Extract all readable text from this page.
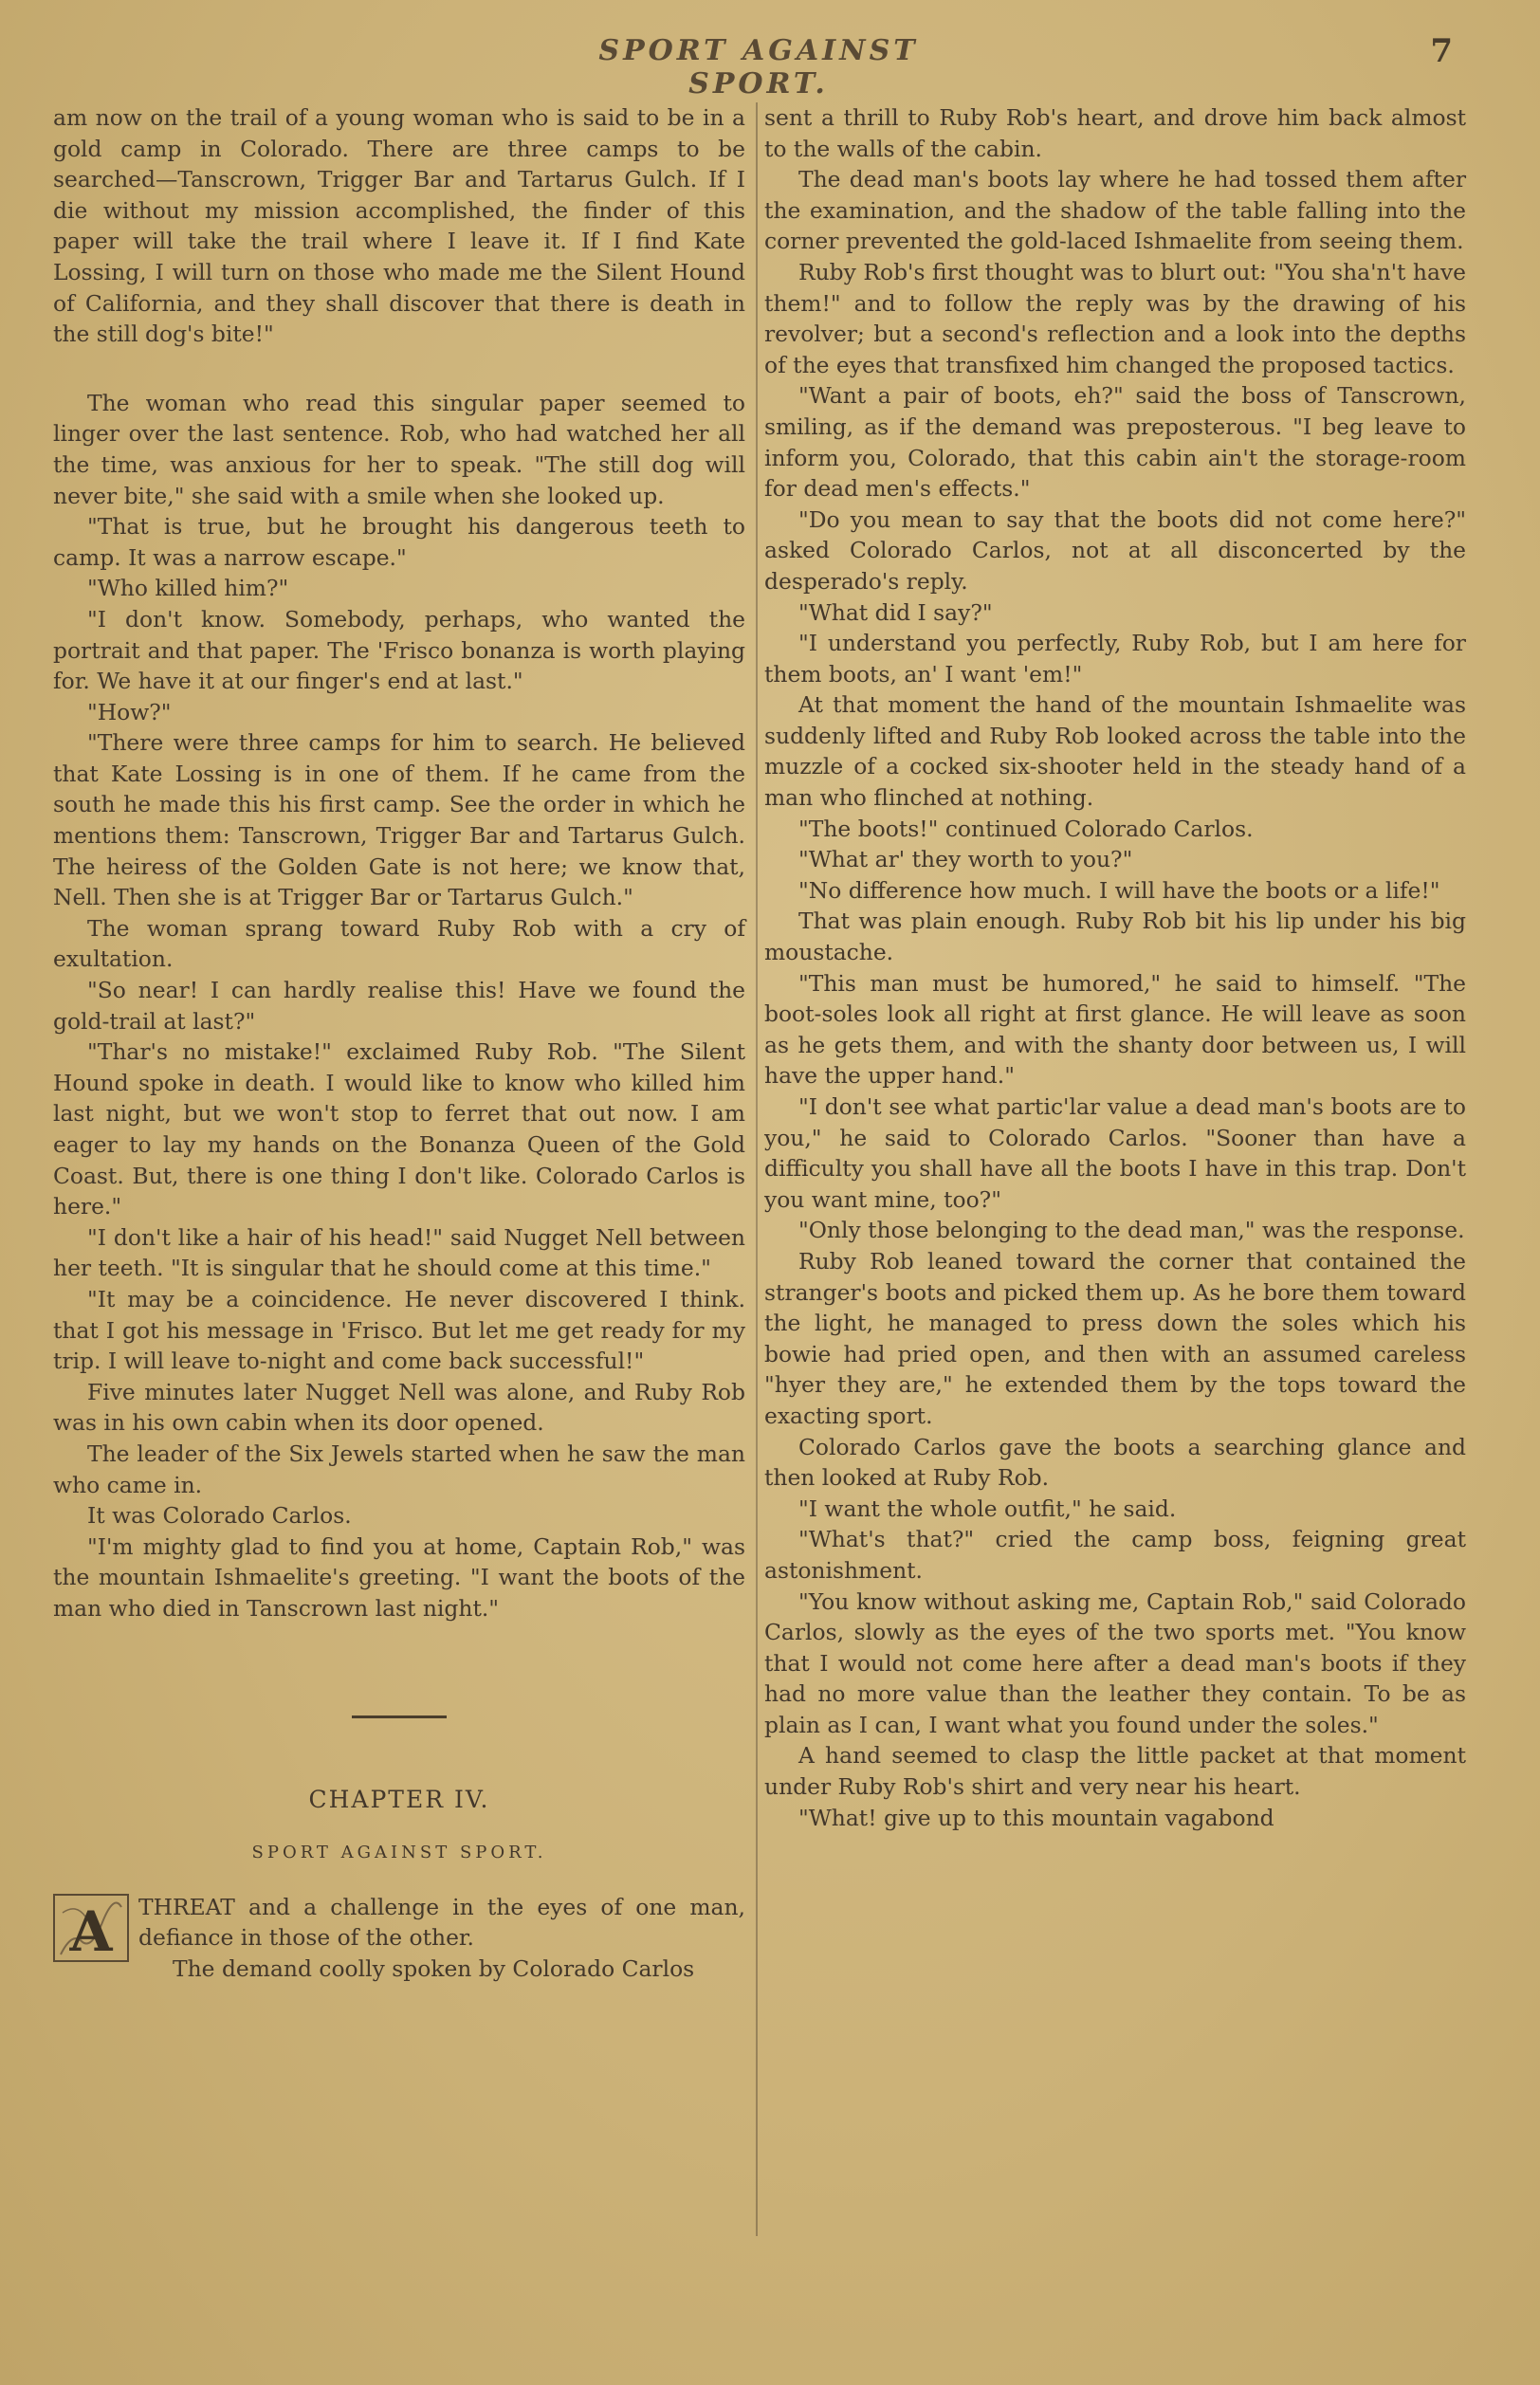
SPORT AGAINST SPORT.
7

am now on the trail of a young woman who is said to be in a gold camp in Colorado. There are three camps to be searched—Tanscrown, Trigger Bar and Tartarus Gulch. If I die without my mission accomplished, the finder of this paper will take the trail where I leave it. If I find Kate Lossing, I will turn on those who made me the Silent Hound of California, and they shall discover that there is death in the still dog's bite!"

The woman who read this singular paper seemed to linger over the last sentence. Rob, who had watched her all the time, was anxious for her to speak. "The still dog will never bite," she said with a smile when she looked up.

"That is true, but he brought his dangerous teeth to camp. It was a narrow escape."

"Who killed him?"

"I don't know. Somebody, perhaps, who wanted the portrait and that paper. The 'Frisco bonanza is worth playing for. We have it at our finger's end at last."

"How?"

"There were three camps for him to search. He believed that Kate Lossing is in one of them. If he came from the south he made this his first camp. See the order in which he mentions them: Tanscrown, Trigger Bar and Tartarus Gulch. The heiress of the Golden Gate is not here; we know that, Nell. Then she is at Trigger Bar or Tartarus Gulch."

The woman sprang toward Ruby Rob with a cry of exultation.

"So near! I can hardly realise this! Have we found the gold-trail at last?"

"Thar's no mistake!" exclaimed Ruby Rob. "The Silent Hound spoke in death. I would like to know who killed him last night, but we won't stop to ferret that out now. I am eager to lay my hands on the Bonanza Queen of the Gold Coast. But, there is one thing I don't like. Colorado Carlos is here."

"I don't like a hair of his head!" said Nugget Nell between her teeth. "It is singular that he should come at this time."

"It may be a coincidence. He never discovered I think. that I got his message in 'Frisco. But let me get ready for my trip. I will leave to-night and come back successful!"

Five minutes later Nugget Nell was alone, and Ruby Rob was in his own cabin when its door opened.

The leader of the Six Jewels started when he saw the man who came in.

It was Colorado Carlos.

"I'm mighty glad to find you at home, Captain Rob," was the mountain Ishmaelite's greeting. "I want the boots of the man who died in Tanscrown last night."

CHAPTER IV.
SPORT AGAINST SPORT.

A THREAT and a challenge in the eyes of one man, defiance in those of the other.

The demand coolly spoken by Colorado Carlos

sent a thrill to Ruby Rob's heart, and drove him back almost to the walls of the cabin.

The dead man's boots lay where he had tossed them after the examination, and the shadow of the table falling into the corner prevented the gold-laced Ishmaelite from seeing them.

Ruby Rob's first thought was to blurt out: "You sha'n't have them!" and to follow the reply was by the drawing of his revolver; but a second's reflection and a look into the depths of the eyes that transfixed him changed the proposed tactics.

"Want a pair of boots, eh?" said the boss of Tanscrown, smiling, as if the demand was preposterous. "I beg leave to inform you, Colorado, that this cabin ain't the storage-room for dead men's effects."

"Do you mean to say that the boots did not come here?" asked Colorado Carlos, not at all disconcerted by the desperado's reply.

"What did I say?"

"I understand you perfectly, Ruby Rob, but I am here for them boots, an' I want 'em!"

At that moment the hand of the mountain Ishmaelite was suddenly lifted and Ruby Rob looked across the table into the muzzle of a cocked six-shooter held in the steady hand of a man who flinched at nothing.

"The boots!" continued Colorado Carlos.

"What ar' they worth to you?"

"No difference how much. I will have the boots or a life!"

That was plain enough. Ruby Rob bit his lip under his big moustache.

"This man must be humored," he said to himself. "The boot-soles look all right at first glance. He will leave as soon as he gets them, and with the shanty door between us, I will have the upper hand."

"I don't see what partic'lar value a dead man's boots are to you," he said to Colorado Carlos. "Sooner than have a difficulty you shall have all the boots I have in this trap. Don't you want mine, too?"

"Only those belonging to the dead man," was the response.

Ruby Rob leaned toward the corner that contained the stranger's boots and picked them up. As he bore them toward the light, he managed to press down the soles which his bowie had pried open, and then with an assumed careless "hyer they are," he extended them by the tops toward the exacting sport.

Colorado Carlos gave the boots a searching glance and then looked at Ruby Rob.

"I want the whole outfit," he said.

"What's that?" cried the camp boss, feigning great astonishment.

"You know without asking me, Captain Rob," said Colorado Carlos, slowly as the eyes of the two sports met. "You know that I would not come here after a dead man's boots if they had no more value than the leather they contain. To be as plain as I can, I want what you found under the soles."

A hand seemed to clasp the little packet at that moment under Ruby Rob's shirt and very near his heart.

"What! give up to this mountain vagabond
